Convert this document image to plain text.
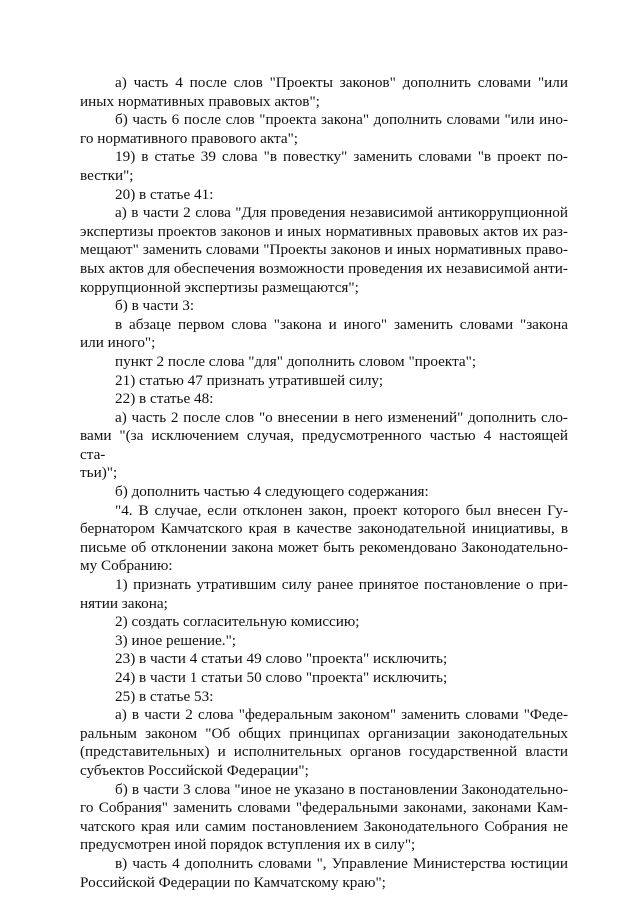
а) часть 4 после слов "Проекты законов" дополнить словами "или

иных нормативных правовых актов";

б) часть 6 после слов "проекта закона" дополнить словами "или ино-

го нормативного правового акта";

19) в статье 39 слова "в повестку" заменить словами "в проект по-

вестки";

20) в статье 41:

а) в части 2 слова "Для проведения независимой антикоррупционной

экспертизы проектов законов и иных нормативных правовых актов их раз-

мещают" заменить словами "Проекты законов и иных нормативных право-

вых актов для обеспечения возможности проведения их независимой анти-

коррупционной экспертизы размещаются";

б) в части 3:

в абзаце первом слова "закона и иного" заменить словами "закона

или иного";

пункт 2 после слова "для" дополнить словом "проекта";

21) статью 47 признать утратившей силу;

22) в статье 48:

а) часть 2 после слов "о внесении в него изменений" дополнить сло-

вами "(за исключением случая, предусмотренного частью 4 настоящей ста-

тьи)";

б) дополнить частью 4 следующего содержания:

"4. В случае, если отклонен закон, проект которого был внесен Гу-

бернатором Камчатского края в качестве законодательной инициативы, в

письме об отклонении закона может быть рекомендовано Законодательно-

му Собранию:

1) признать утратившим силу ранее принятое постановление о при-

нятии закона;

2) создать согласительную комиссию;

3) иное решение.";

23) в части 4 статьи 49 слово "проекта" исключить;

24) в части 1 статьи 50 слово "проекта" исключить;

25) в статье 53:

а) в части 2 слова "федеральным законом" заменить словами "Феде-

ральным законом "Об общих принципах организации законодательных

(представительных) и исполнительных органов государственной власти

субъектов Российской Федерации";

б) в части 3 слова "иное не указано в постановлении Законодательно-

го Собрания" заменить словами "федеральными законами, законами Кам-

чатского края или самим постановлением Законодательного Собрания не

предусмотрен иной порядок вступления их в силу";

в) часть 4 дополнить словами ", Управление Министерства юстиции

Российской Федерации по Камчатскому краю";
